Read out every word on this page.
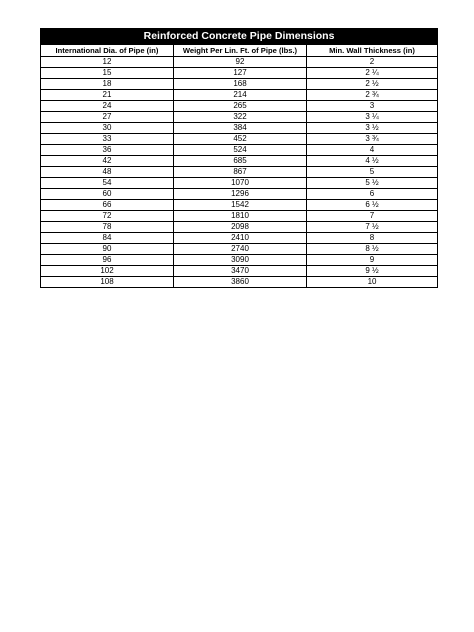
Reinforced Concrete Pipe Dimensions		
International Dia. of Pipe (in)	Weight Per Lin. Ft. of Pipe (lbs.)	Min. Wall Thickness (in)
12	92	2
15	127	2 ¼
18	168	2 ½
21	214	2 ¾
24	265	3
27	322	3 ¼
30	384	3 ½
33	452	3 ¾
36	524	4
42	685	4 ½
48	867	5
54	1070	5 ½
60	1296	6
66	1542	6 ½
72	1810	7
78	2098	7 ½
84	2410	8
90	2740	8 ½
96	3090	9
102	3470	9 ½
108	3860	10
